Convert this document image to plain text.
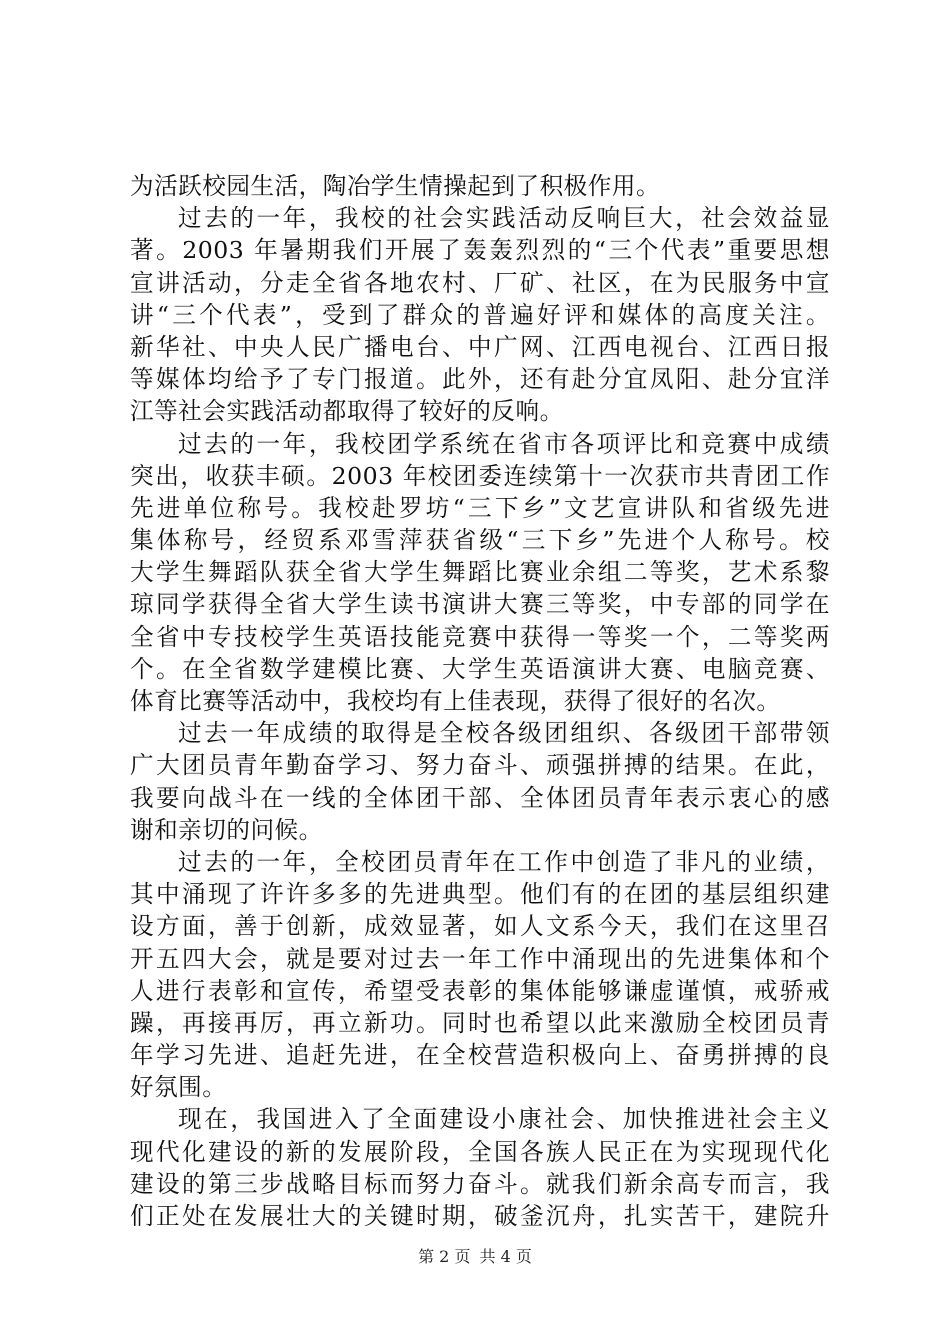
为活跃校园生活，陶冶学生情操起到了积极作用。
过去的一年，我校的社会实践活动反响巨大，社会效益显
著。2003 年暑期我们开展了轰轰烈烈的“三个代表”重要思想
宣讲活动，分走全省各地农村、厂矿、社区，在为民服务中宣
讲“三个代表”，受到了群众的普遍好评和媒体的高度关注。
新华社、中央人民广播电台、中广网、江西电视台、江西日报
等媒体均给予了专门报道。此外，还有赴分宜凤阳、赴分宜洋
江等社会实践活动都取得了较好的反响。
过去的一年，我校团学系统在省市各项评比和竞赛中成绩
突出，收获丰硕。2003 年校团委连续第十一次获市共青团工作
先进单位称号。我校赴罗坊“三下乡”文艺宣讲队和省级先进
集体称号，经贸系邓雪萍获省级“三下乡”先进个人称号。校
大学生舞蹈队获全省大学生舞蹈比赛业余组二等奖，艺术系黎
琼同学获得全省大学生读书演讲大赛三等奖，中专部的同学在
全省中专技校学生英语技能竞赛中获得一等奖一个，二等奖两
个。在全省数学建模比赛、大学生英语演讲大赛、电脑竞赛、
体育比赛等活动中，我校均有上佳表现，获得了很好的名次。
过去一年成绩的取得是全校各级团组织、各级团干部带领
广大团员青年勤奋学习、努力奋斗、顽强拼搏的结果。在此，
我要向战斗在一线的全体团干部、全体团员青年表示衷心的感
谢和亲切的问候。
过去的一年，全校团员青年在工作中创造了非凡的业绩，
其中涌现了许许多多的先进典型。他们有的在团的基层组织建
设方面，善于创新，成效显著，如人文系今天，我们在这里召
开五四大会，就是要对过去一年工作中涌现出的先进集体和个
人进行表彰和宣传，希望受表彰的集体能够谦虚谨慎，戒骄戒
躁，再接再厉，再立新功。同时也希望以此来激励全校团员青
年学习先进、追赶先进，在全校营造积极向上、奋勇拼搏的良
好氛围。
现在，我国进入了全面建设小康社会、加快推进社会主义
现代化建设的新的发展阶段，全国各族人民正在为实现现代化
建设的第三步战略目标而努力奋斗。就我们新余高专而言，我
们正处在发展壮大的关键时期，破釜沉舟，扎实苦干，建院升
第 2 页 共 4 页
